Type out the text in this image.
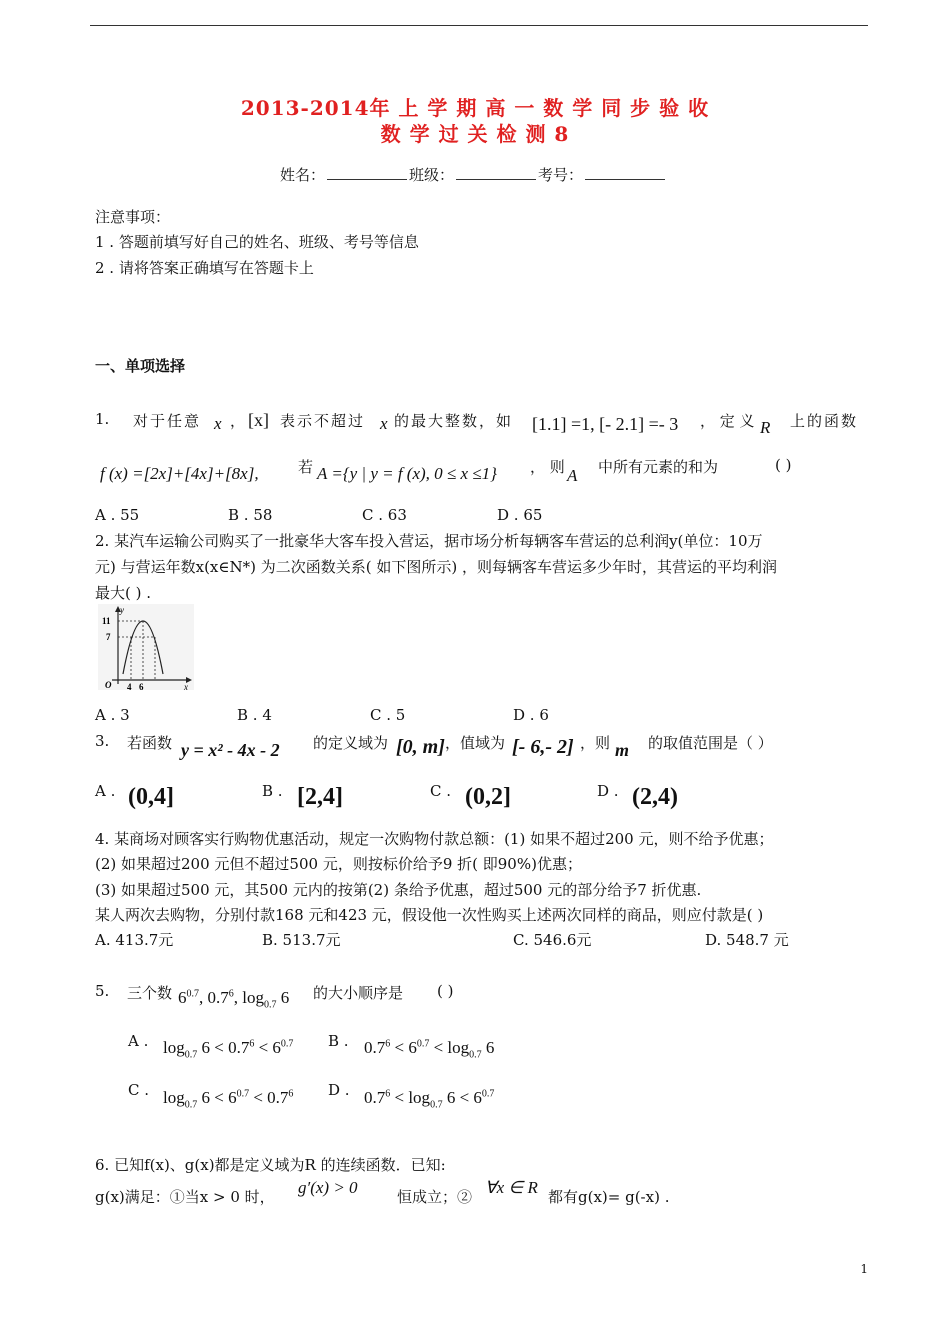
2013-2014年 上 学 期 高 一 数 学 同 步 验 收
数 学 过 关 检 测 8
姓名：	班级：	考号：
注意事项：
1 . 答题前填写好自己的姓名、班级、考号等信息
2 . 请将答案正确填写在答题卡上
一、单项选择
1. 对于任意 x ， [x] 表示不超过 x 的最大整数，如 [1.1] =1, [- 2.1] =- 3 ， 定 义 R 上的函数
f (x) =[2x]+[4x]+[8x],	若 A ={y | y = f (x), 0 ≤ x ≤1} ， 则 A 中所有元素的和为	( )
A . 55	B . 58	C . 63	D . 65
2. 某汽车运输公司购买了一批豪华大客车投入营运，据市场分析每辆客车营运的总利润y(单位：10万
元) 与营运年数x(x∈N*) 为二次函数关系( 如下图所示) ，则每辆客车营运多少年时，其营运的平均利润
最大( ) .
y
x
O
11
7
4 6
A . 3	B . 4	C . 5	D . 6
3. 若函数 y = x² - 4x - 2 的定义域为 [0, m] ，值域为 [- 6,- 2] ，则 m 的取值范围是（ ）
A . (0,4]	B . [2,4]	C . (0,2]	D . (2,4)
4. 某商场对顾客实行购物优惠活动，规定一次购物付款总额：(1) 如果不超过200 元，则不给予优惠；
(2) 如果超过200 元但不超过500 元，则按标价给予9 折( 即90%)优惠；
(3) 如果超过500 元，其500 元内的按第(2) 条给予优惠，超过500 元的部分给予7 折优惠.
某人两次去购物，分别付款168 元和423 元，假设他一次性购买上述两次同样的商品，则应付款是( )
A. 413.7元	B. 513.7元	C. 546.6元	D. 548.7 元
5. 三个数 $6^{0.7}$, $0.7^6$, $\log_{0.7} 6$ 的大小顺序是 ( )
A . $\log_{0.7} 6 < 0.7^6 < 6^{0.7}$ B . $0.7^6 < 6^{0.7} < \log_{0.7} 6$
C . $\log_{0.7} 6 < 6^{0.7} < 0.7^6$ D . $0.7^6 < \log_{0.7} 6 < 6^{0.7}$
6. 已知f(x)、g(x)都是定义域为R 的连续函数．已知:
g(x)满足：①当x > 0 时， g′(x) > 0	恒成立；② ∀x ∈ R 都有g(x)= g(-x) .
1
